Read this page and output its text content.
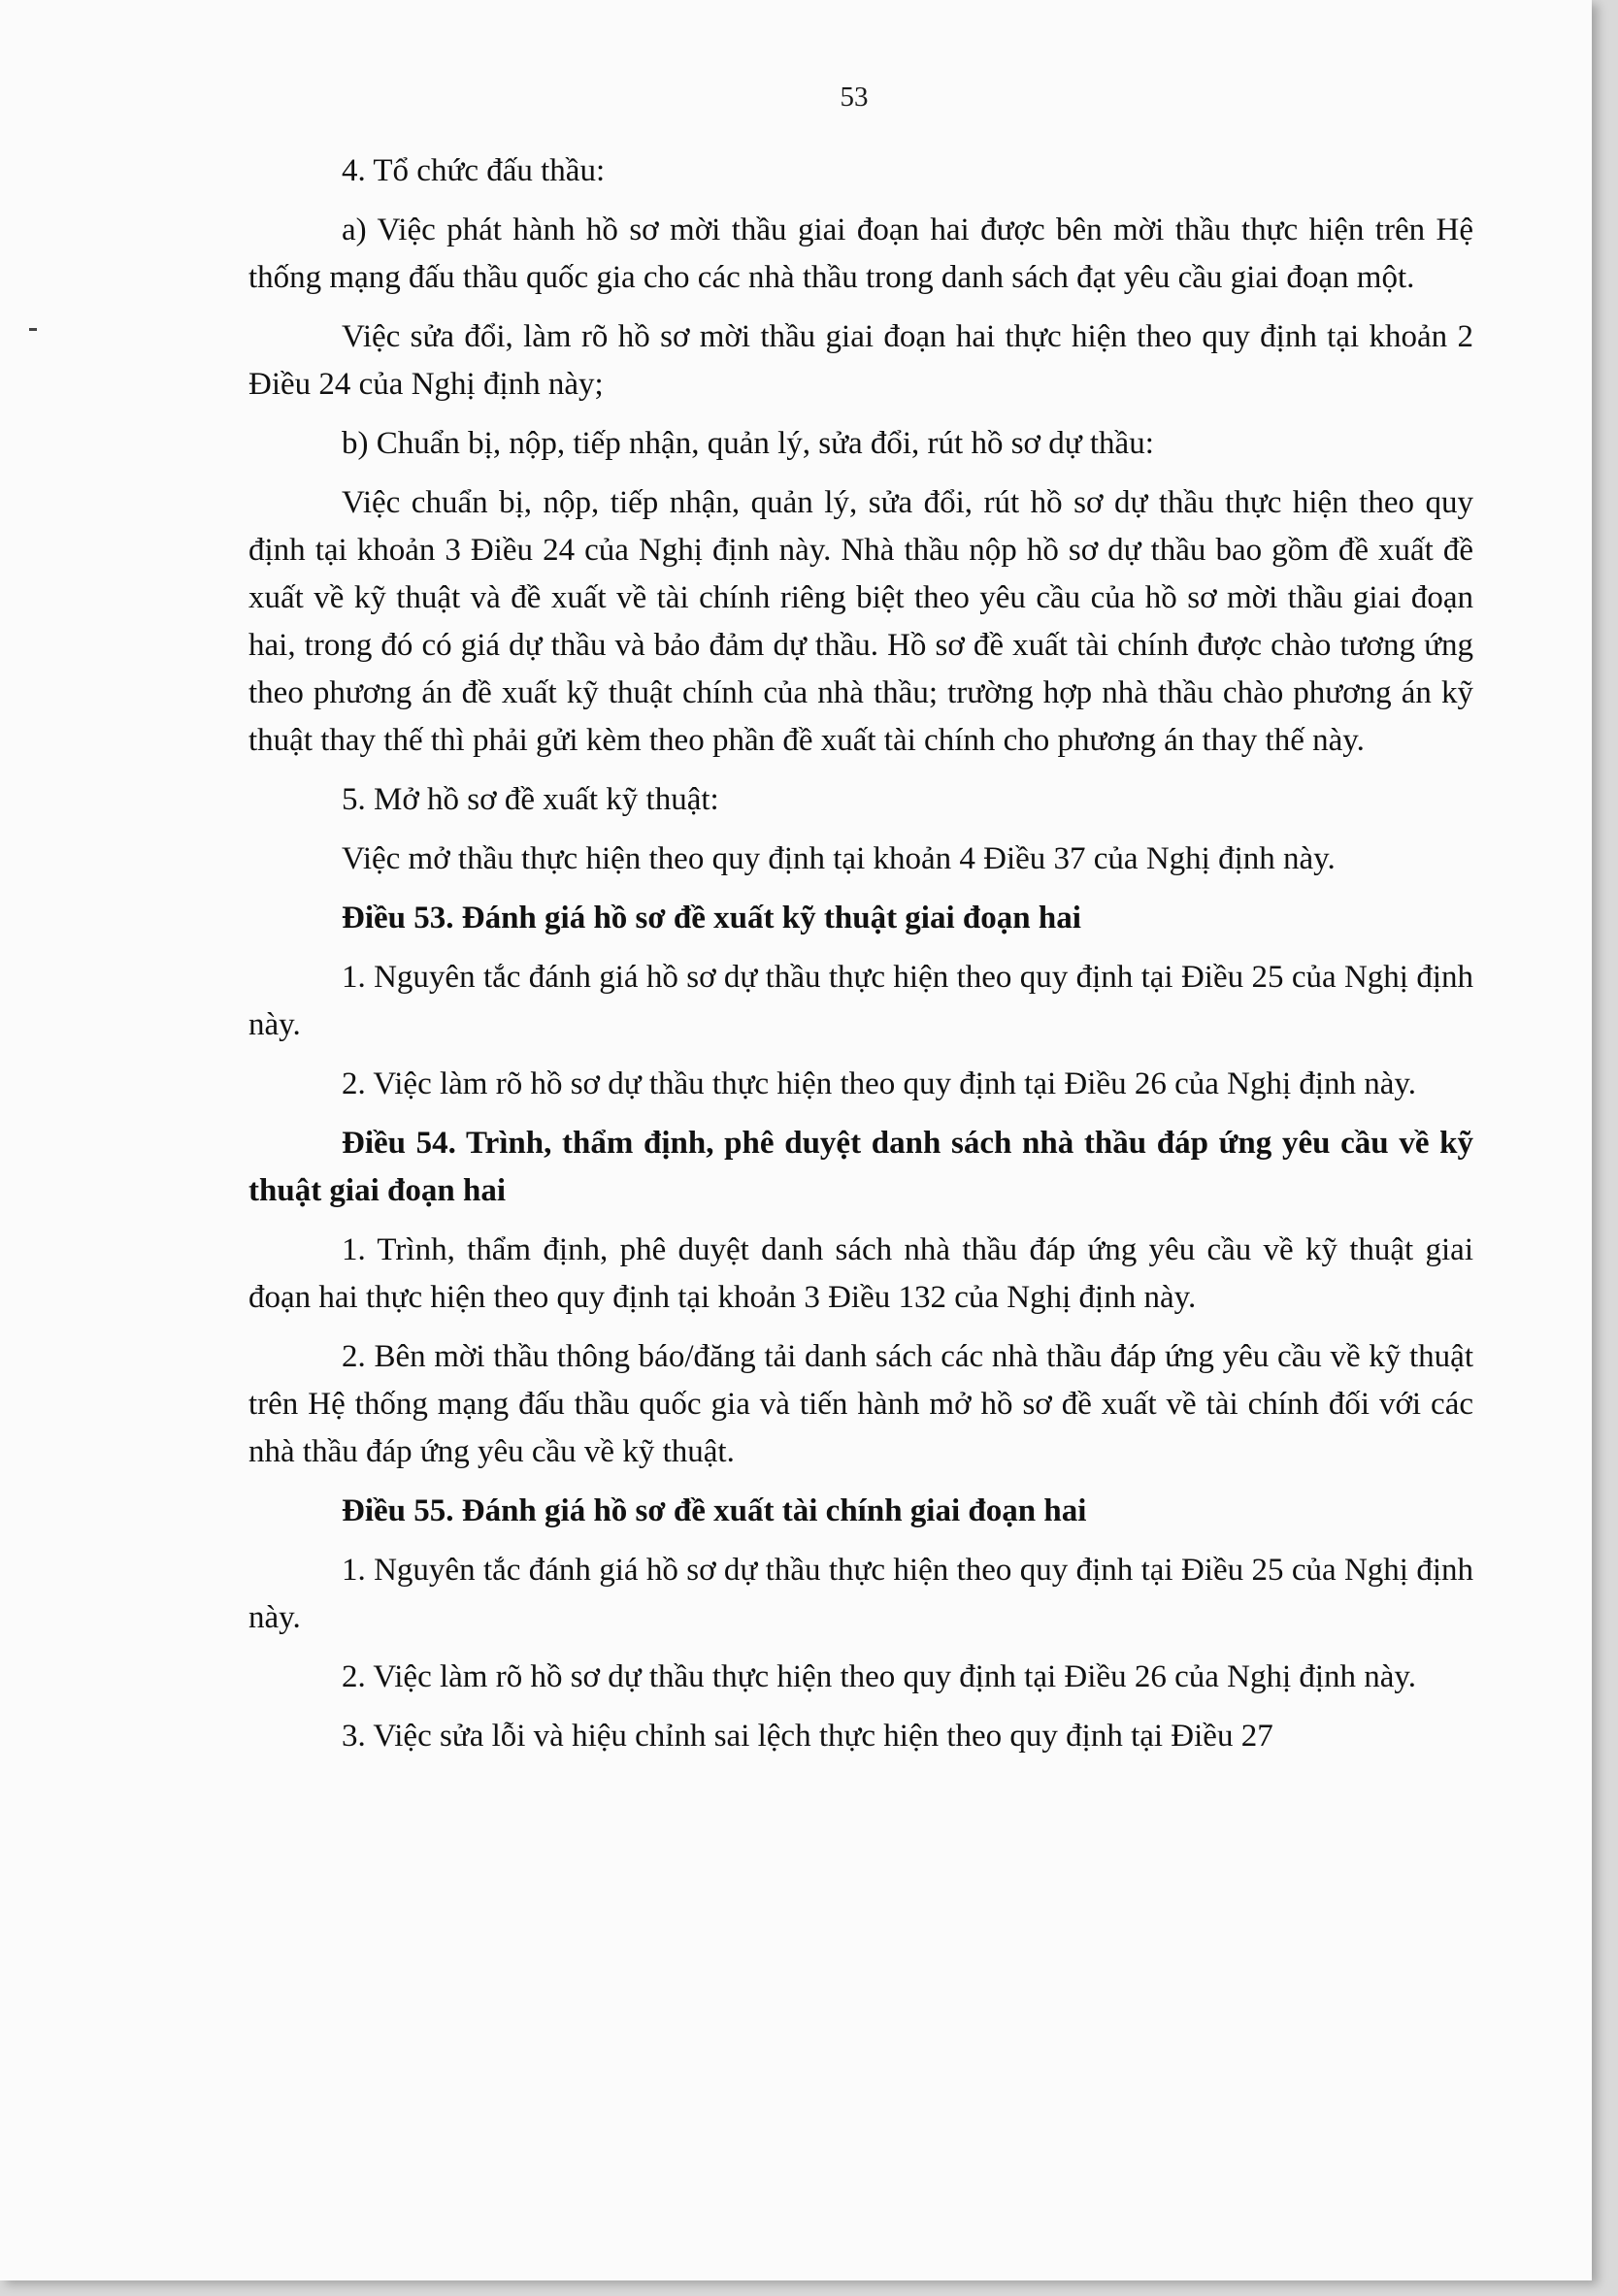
53

4. Tổ chức đấu thầu:

a) Việc phát hành hồ sơ mời thầu giai đoạn hai được bên mời thầu thực hiện trên Hệ thống mạng đấu thầu quốc gia cho các nhà thầu trong danh sách đạt yêu cầu giai đoạn một.

Việc sửa đổi, làm rõ hồ sơ mời thầu giai đoạn hai thực hiện theo quy định tại khoản 2 Điều 24 của Nghị định này;

b) Chuẩn bị, nộp, tiếp nhận, quản lý, sửa đổi, rút hồ sơ dự thầu:

Việc chuẩn bị, nộp, tiếp nhận, quản lý, sửa đổi, rút hồ sơ dự thầu thực hiện theo quy định tại khoản 3 Điều 24 của Nghị định này. Nhà thầu nộp hồ sơ dự thầu bao gồm đề xuất đề xuất về kỹ thuật và đề xuất về tài chính riêng biệt theo yêu cầu của hồ sơ mời thầu giai đoạn hai, trong đó có giá dự thầu và bảo đảm dự thầu. Hồ sơ đề xuất tài chính được chào tương ứng theo phương án đề xuất kỹ thuật chính của nhà thầu; trường hợp nhà thầu chào phương án kỹ thuật thay thế thì phải gửi kèm theo phần đề xuất tài chính cho phương án thay thế này.

5. Mở hồ sơ đề xuất kỹ thuật:

Việc mở thầu thực hiện theo quy định tại khoản 4 Điều 37 của Nghị định này.

Điều 53. Đánh giá hồ sơ đề xuất kỹ thuật giai đoạn hai

1. Nguyên tắc đánh giá hồ sơ dự thầu thực hiện theo quy định tại Điều 25 của Nghị định này.

2. Việc làm rõ hồ sơ dự thầu thực hiện theo quy định tại Điều 26 của Nghị định này.

Điều 54. Trình, thẩm định, phê duyệt danh sách nhà thầu đáp ứng yêu cầu về kỹ thuật giai đoạn hai

1. Trình, thẩm định, phê duyệt danh sách nhà thầu đáp ứng yêu cầu về kỹ thuật giai đoạn hai thực hiện theo quy định tại khoản 3 Điều 132 của Nghị định này.

2. Bên mời thầu thông báo/đăng tải danh sách các nhà thầu đáp ứng yêu cầu về kỹ thuật trên Hệ thống mạng đấu thầu quốc gia và tiến hành mở hồ sơ đề xuất về tài chính đối với các nhà thầu đáp ứng yêu cầu về kỹ thuật.

Điều 55. Đánh giá hồ sơ đề xuất tài chính giai đoạn hai

1. Nguyên tắc đánh giá hồ sơ dự thầu thực hiện theo quy định tại Điều 25 của Nghị định này.

2. Việc làm rõ hồ sơ dự thầu thực hiện theo quy định tại Điều 26 của Nghị định này.

3. Việc sửa lỗi và hiệu chỉnh sai lệch thực hiện theo quy định tại Điều 27
